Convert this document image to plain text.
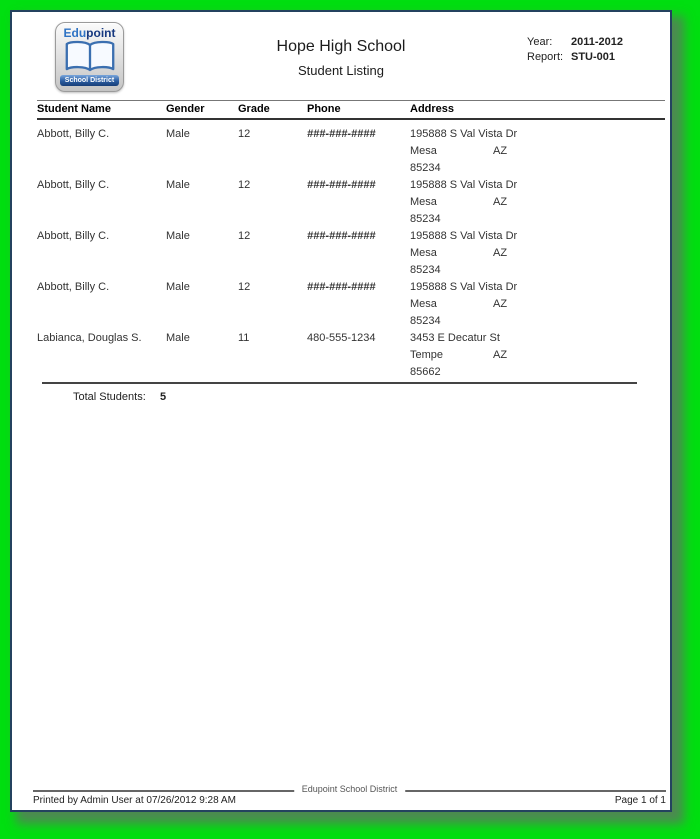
Edupoint
School District
Hope High School
Student Listing
Year: 2011-2012
Report: STU-001
Student Name	Gender	Grade	Phone	Address
Abbott, Billy C.	Male	12	###-###-####	195888 S Val Vista Dr
Mesa AZ
85234

Abbott, Billy C.	Male	12	###-###-####	195888 S Val Vista Dr
Mesa AZ
85234

Abbott, Billy C.	Male	12	###-###-####	195888 S Val Vista Dr
Mesa AZ
85234

Abbott, Billy C.	Male	12	###-###-####	195888 S Val Vista Dr
Mesa AZ
85234

Labianca, Douglas S.	Male	11	480-555-1234	3453 E Decatur St
Tempe AZ
85662
Total Students: 5
Edupoint School District
Printed by Admin User at 07/26/2012 9:28 AM	Page 1 of 1
